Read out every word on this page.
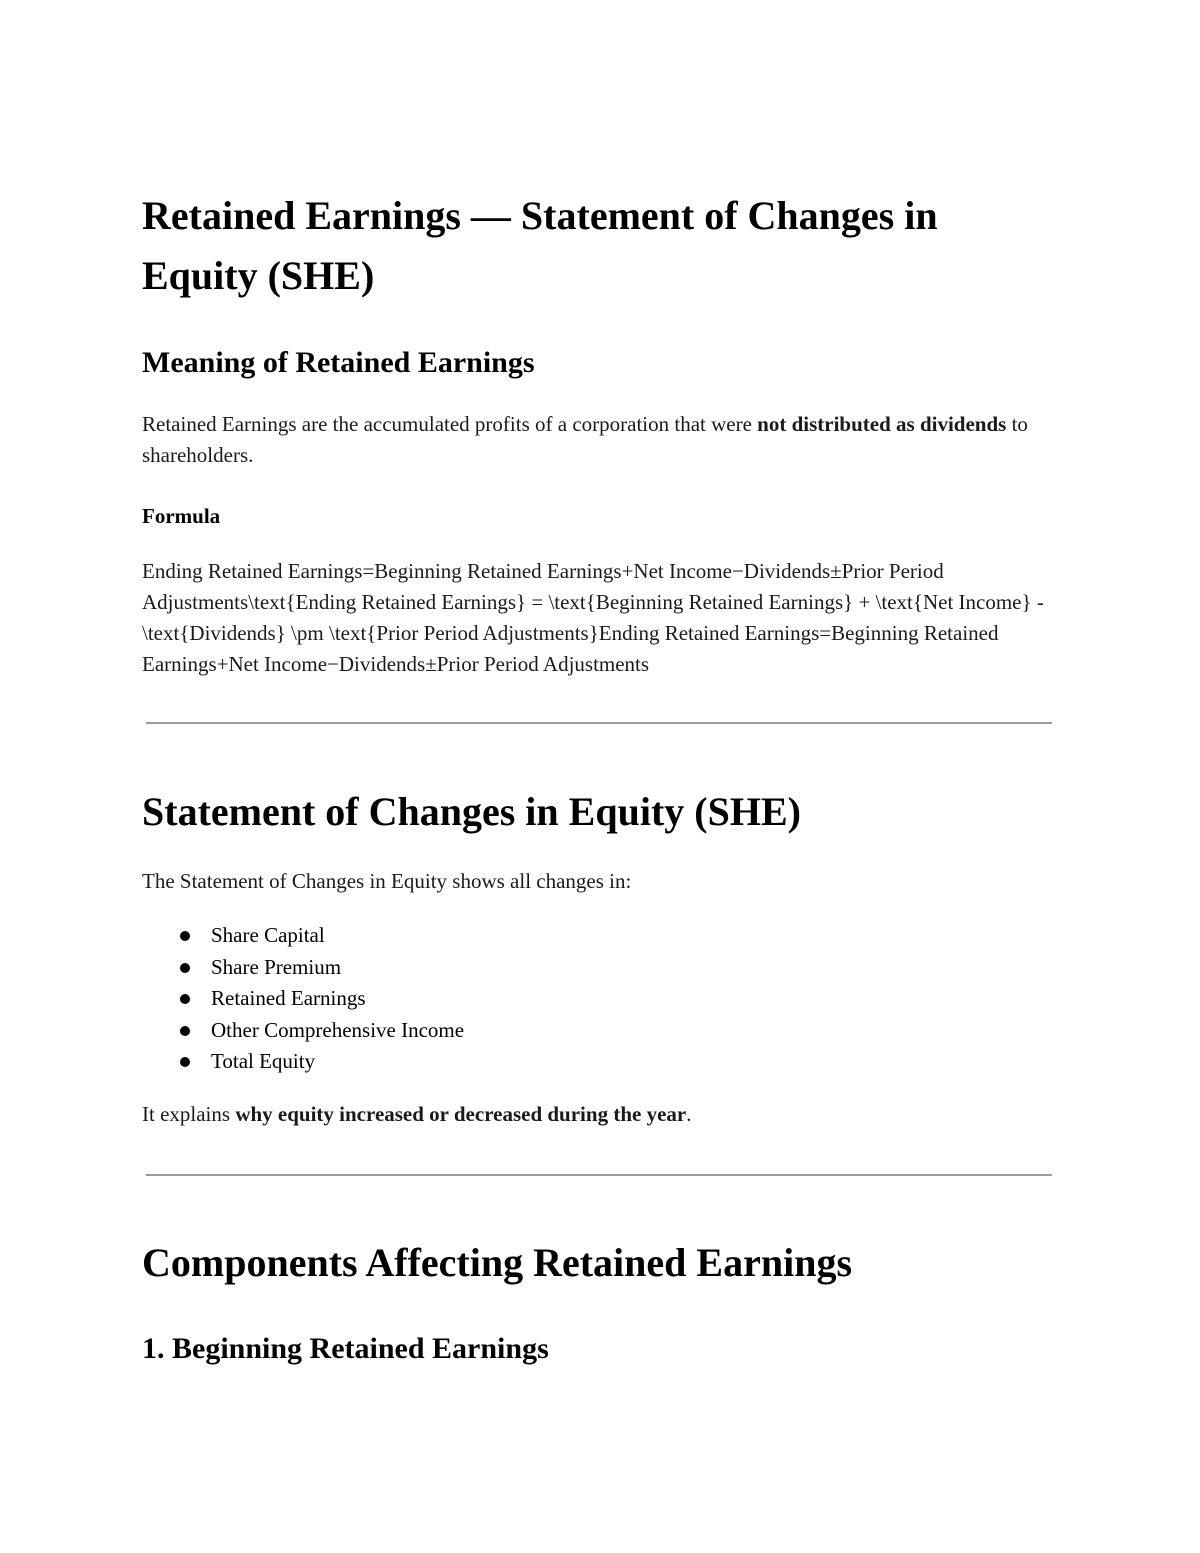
Retained Earnings — Statement of Changes in Equity (SHE)
Meaning of Retained Earnings

Retained Earnings are the accumulated profits of a corporation that were not distributed as dividends to shareholders.

Formula

Ending Retained Earnings=Beginning Retained Earnings+Net Income−Dividends±Prior Period Adjustments\text{Ending Retained Earnings} = \text{Beginning Retained Earnings} + \text{Net Income} - \text{Dividends} \pm \text{Prior Period Adjustments}Ending Retained Earnings=Beginning Retained Earnings+Net Income−Dividends±Prior Period Adjustments

Statement of Changes in Equity (SHE)

The Statement of Changes in Equity shows all changes in:

Share Capital
Share Premium
Retained Earnings
Other Comprehensive Income
Total Equity

It explains why equity increased or decreased during the year.

Components Affecting Retained Earnings
1. Beginning Retained Earnings
